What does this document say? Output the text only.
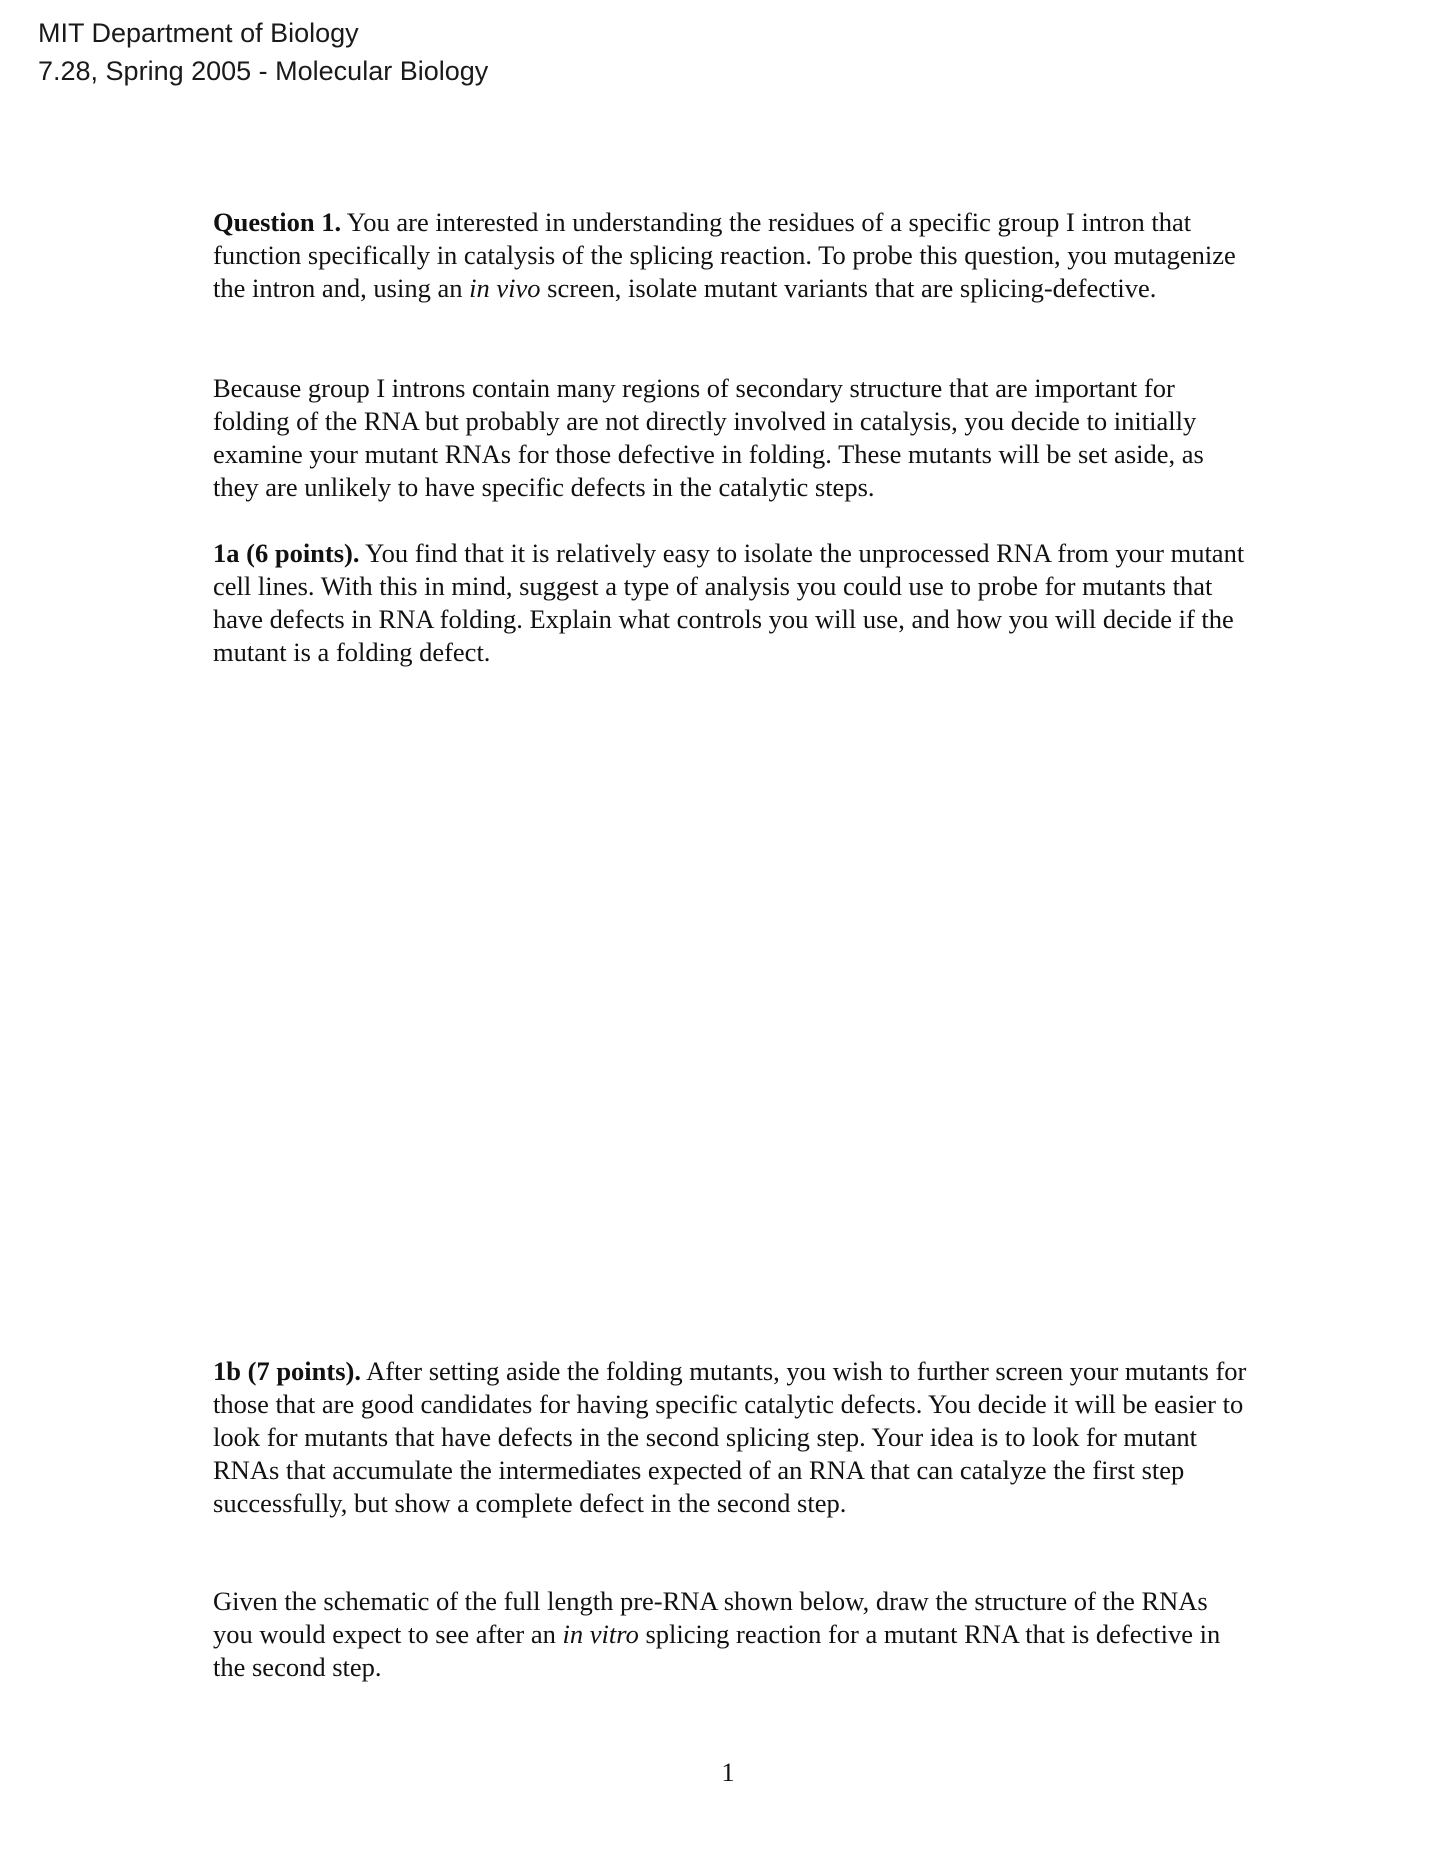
MIT Department of Biology
7.28, Spring 2005 - Molecular Biology

Question 1. You are interested in understanding the residues of a specific group I intron that function specifically in catalysis of the splicing reaction. To probe this question, you mutagenize the intron and, using an in vivo screen, isolate mutant variants that are splicing-defective.

Because group I introns contain many regions of secondary structure that are important for folding of the RNA but probably are not directly involved in catalysis, you decide to initially examine your mutant RNAs for those defective in folding. These mutants will be set aside, as they are unlikely to have specific defects in the catalytic steps.

1a (6 points). You find that it is relatively easy to isolate the unprocessed RNA from your mutant cell lines. With this in mind, suggest a type of analysis you could use to probe for mutants that have defects in RNA folding. Explain what controls you will use, and how you will decide if the mutant is a folding defect.

1b (7 points). After setting aside the folding mutants, you wish to further screen your mutants for those that are good candidates for having specific catalytic defects. You decide it will be easier to look for mutants that have defects in the second splicing step. Your idea is to look for mutant RNAs that accumulate the intermediates expected of an RNA that can catalyze the first step successfully, but show a complete defect in the second step.

Given the schematic of the full length pre-RNA shown below, draw the structure of the RNAs you would expect to see after an in vitro splicing reaction for a mutant RNA that is defective in the second step.

1
